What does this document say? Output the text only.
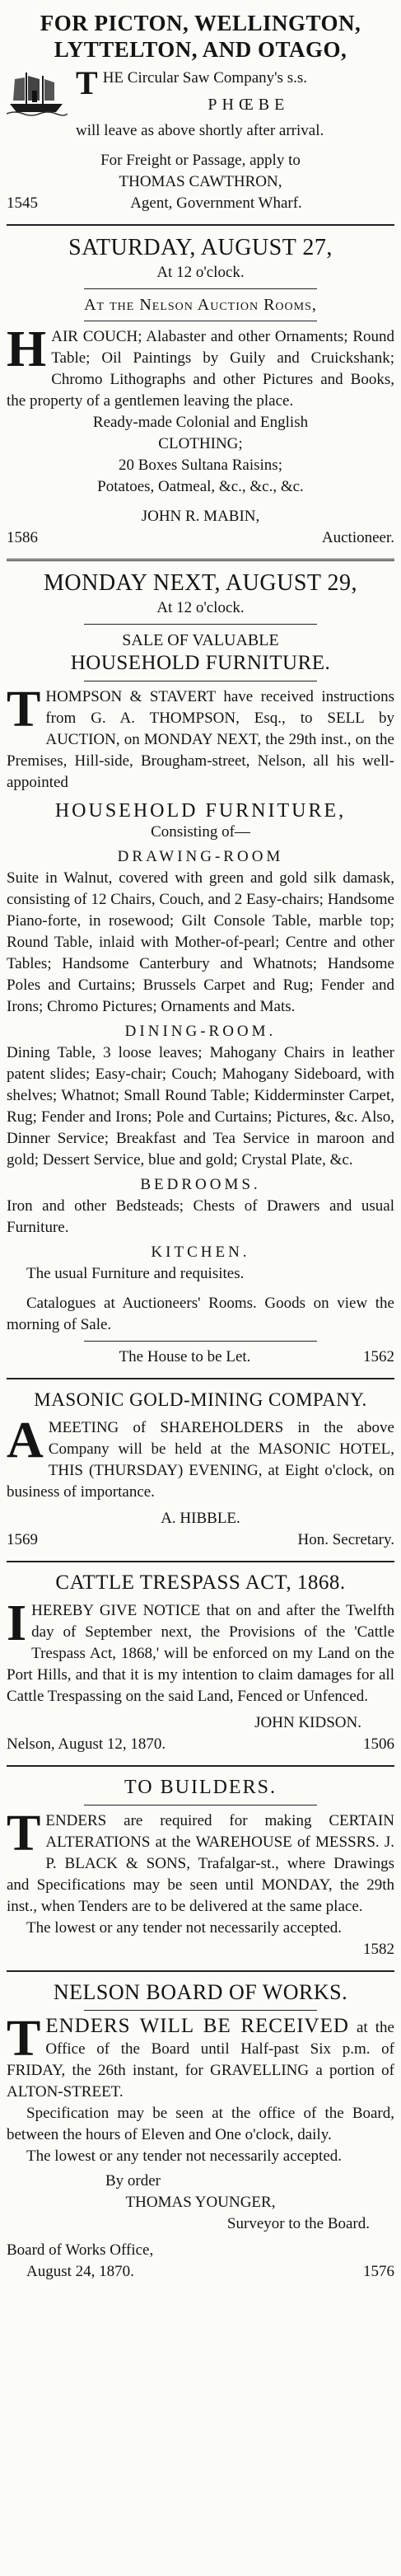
FOR PICTON, WELLINGTON,
LYTTELTON, AND OTAGO,
T HE Circular Saw Company's s.s.
PHŒBE
will leave as above shortly after arrival.
For Freight or Passage, apply to
THOMAS CAWTHRON,
1545	Agent, Government Wharf.
SATURDAY, AUGUST 27,
At 12 o'clock.
At the Nelson Auction Rooms,
H AIR COUCH; Alabaster and other Ornaments; Round Table; Oil Paintings by Guily and Cruickshank; Chromo Lithographs and other Pictures and Books, the property of a gentlemen leaving the place.
Ready-made Colonial and English
CLOTHING;
20 Boxes Sultana Raisins;
Potatoes, Oatmeal, &c., &c., &c.
JOHN R. MABIN,
1586	Auctioneer.
MONDAY NEXT, AUGUST 29,
At 12 o'clock.
SALE OF VALUABLE
HOUSEHOLD FURNITURE.
T HOMPSON & STAVERT have received instructions from G. A. THOMPSON, Esq., to SELL by AUCTION, on MONDAY NEXT, the 29th inst., on the Premises, Hill-side, Brougham-street, Nelson, all his well-appointed
HOUSEHOLD FURNITURE,
Consisting of—
DRAWING-ROOM
Suite in Walnut, covered with green and gold silk damask, consisting of 12 Chairs, Couch, and 2 Easy-chairs; Handsome Piano-forte, in rosewood; Gilt Console Table, marble top; Round Table, inlaid with Mother-of-pearl; Centre and other Tables; Handsome Canterbury and Whatnots; Handsome Poles and Curtains; Brussels Carpet and Rug; Fender and Irons; Chromo Pictures; Ornaments and Mats.
DINING-ROOM.
Dining Table, 3 loose leaves; Mahogany Chairs in leather patent slides; Easy-chair; Couch; Mahogany Sideboard, with shelves; Whatnot; Small Round Table; Kidderminster Carpet, Rug; Fender and Irons; Pole and Curtains; Pictures, &c. Also, Dinner Service; Breakfast and Tea Service in maroon and gold; Dessert Service, blue and gold; Crystal Plate, &c.
BEDROOMS.
Iron and other Bedsteads; Chests of Drawers and usual Furniture.
KITCHEN.
The usual Furniture and requisites.
Catalogues at Auctioneers' Rooms. Goods on view the morning of Sale.
The House to be Let.	1562
MASONIC GOLD-MINING COMPANY.
A MEETING of SHAREHOLDERS in the above Company will be held at the MASONIC HOTEL, THIS (THURSDAY) EVENING, at Eight o'clock, on business of importance.
A. HIBBLE.
1569	Hon. Secretary.
CATTLE TRESPASS ACT, 1868.
I HEREBY GIVE NOTICE that on and after the Twelfth day of September next, the Provisions of the 'Cattle Trespass Act, 1868,' will be enforced on my Land on the Port Hills, and that it is my intention to claim damages for all Cattle Trespassing on the said Land, Fenced or Unfenced.
JOHN KIDSON.
Nelson, August 12, 1870.	1506
TO BUILDERS.
T ENDERS are required for making CERTAIN ALTERATIONS at the WAREHOUSE of MESSRS. J. P. BLACK & SONS, Trafalgar-st., where Drawings and Specifications may be seen until MONDAY, the 29th inst., when Tenders are to be delivered at the same place.
The lowest or any tender not necessarily accepted.
1582
NELSON BOARD OF WORKS.
T ENDERS WILL BE RECEIVED at the Office of the Board until Half-past Six p.m. of FRIDAY, the 26th instant, for GRAVELLING a portion of ALTON-STREET.
Specification may be seen at the office of the Board, between the hours of Eleven and One o'clock, daily.
The lowest or any tender not necessarily accepted.
By order
THOMAS YOUNGER,
Surveyor to the Board.
Board of Works Office,
August 24, 1870.	1576
